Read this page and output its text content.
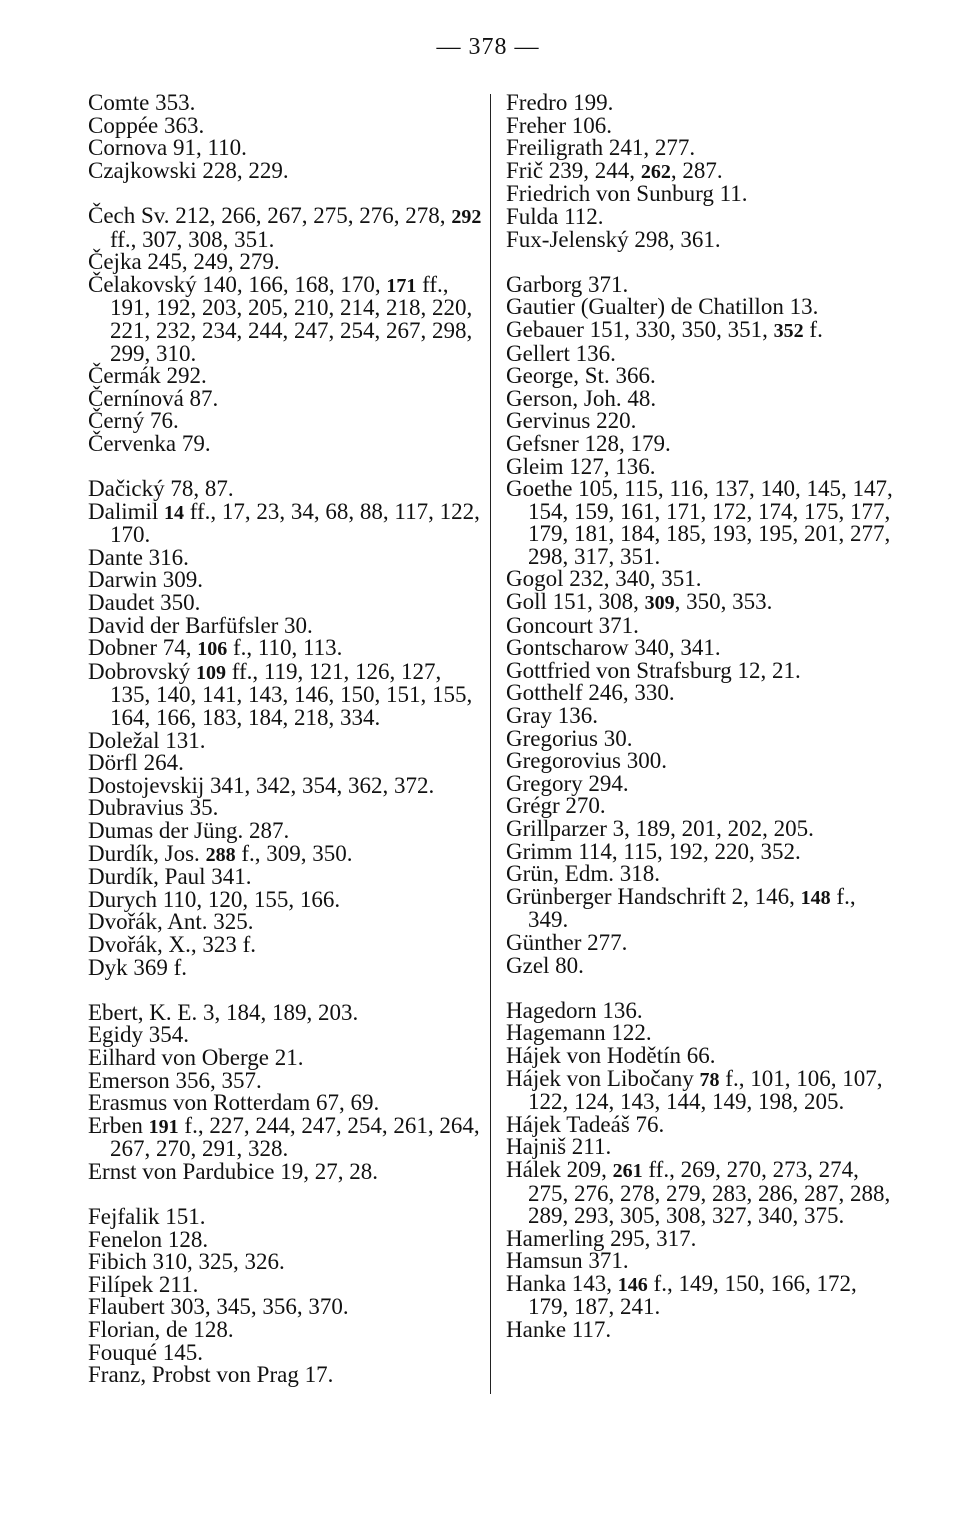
— 378 —
Comte 353.
Coppée 363.
Cornova 91, 110.
Czajkowski 228, 229.
Čech Sv. 212, 266, 267, 275, 276, 278, 292 ff., 307, 308, 351.
Čejka 245, 249, 279.
Čelakovský 140, 166, 168, 170, 171 ff., 191, 192, 203, 205, 210, 214, 218, 220, 221, 232, 234, 244, 247, 254, 267, 298, 299, 310.
Čermák 292.
Černínová 87.
Černý 76.
Červenka 79.
Dačický 78, 87.
Dalimil 14 ff., 17, 23, 34, 68, 88, 117, 122, 170.
Dante 316.
Darwin 309.
Daudet 350.
David der Barfüfsler 30.
Dobner 74, 106 f., 110, 113.
Dobrovský 109 ff., 119, 121, 126, 127, 135, 140, 141, 143, 146, 150, 151, 155, 164, 166, 183, 184, 218, 334.
Doležal 131.
Dörfl 264.
Dostojevskij 341, 342, 354, 362, 372.
Dubravius 35.
Dumas der Jüng. 287.
Durdík, Jos. 288 f., 309, 350.
Durdík, Paul 341.
Durych 110, 120, 155, 166.
Dvořák, Ant. 325.
Dvořák, X., 323 f.
Dyk 369 f.
Ebert, K. E. 3, 184, 189, 203.
Egidy 354.
Eilhard von Oberge 21.
Emerson 356, 357.
Erasmus von Rotterdam 67, 69.
Erben 191 f., 227, 244, 247, 254, 261, 264, 267, 270, 291, 328.
Ernst von Pardubice 19, 27, 28.
Fejfalik 151.
Fenelon 128.
Fibich 310, 325, 326.
Filípek 211.
Flaubert 303, 345, 356, 370.
Florian, de 128.
Fouqué 145.
Franz, Probst von Prag 17.
Fredro 199.
Freher 106.
Freiligrath 241, 277.
Frič 239, 244, 262, 287.
Friedrich von Sunburg 11.
Fulda 112.
Fux-Jelenský 298, 361.
Garborg 371.
Gautier (Gualter) de Chatillon 13.
Gebauer 151, 330, 350, 351, 352 f.
Gellert 136.
George, St. 366.
Gerson, Joh. 48.
Gervinus 220.
Gefsner 128, 179.
Gleim 127, 136.
Goethe 105, 115, 116, 137, 140, 145, 147, 154, 159, 161, 171, 172, 174, 175, 177, 179, 181, 184, 185, 193, 195, 201, 277, 298, 317, 351.
Gogol 232, 340, 351.
Goll 151, 308, 309, 350, 353.
Goncourt 371.
Gontscharow 340, 341.
Gottfried von Strafsburg 12, 21.
Gotthelf 246, 330.
Gray 136.
Gregorius 30.
Gregorovius 300.
Gregory 294.
Grégr 270.
Grillparzer 3, 189, 201, 202, 205.
Grimm 114, 115, 192, 220, 352.
Grün, Edm. 318.
Grünberger Handschrift 2, 146, 148 f., 349.
Günther 277.
Gzel 80.
Hagedorn 136.
Hagemann 122.
Hájek von Hodětín 66.
Hájek von Libočany 78 f., 101, 106, 107, 122, 124, 143, 144, 149, 198, 205.
Hájek Tadeáš 76.
Hajniš 211.
Hálek 209, 261 ff., 269, 270, 273, 274, 275, 276, 278, 279, 283, 286, 287, 288, 289, 293, 305, 308, 327, 340, 375.
Hamerling 295, 317.
Hamsun 371.
Hanka 143, 146 f., 149, 150, 166, 172, 179, 187, 241.
Hanke 117.
